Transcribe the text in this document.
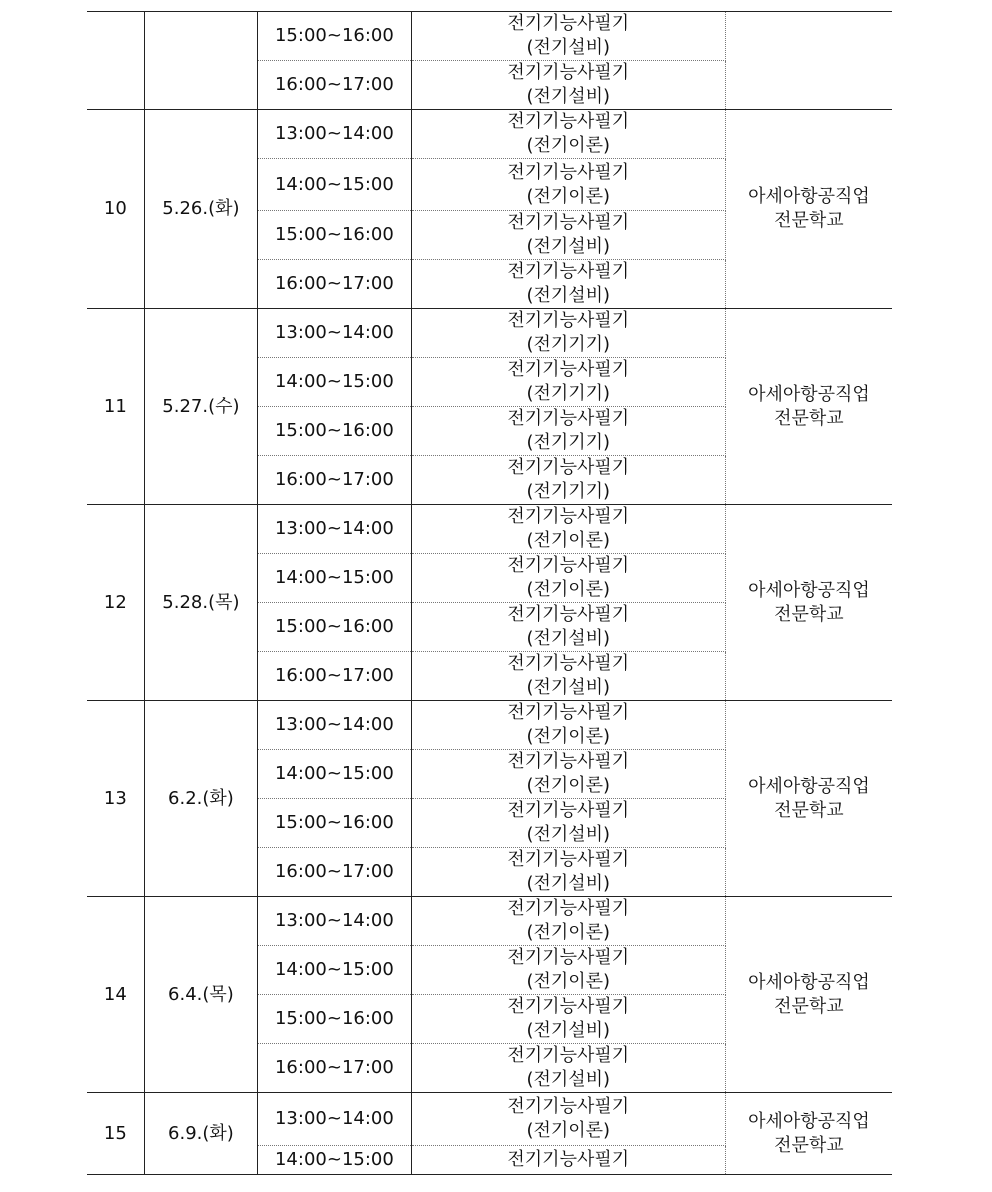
		15:00~16:00	전기기능사필기
(전기설비)	

		16:00~17:00	전기기능사필기
(전기설비)	

10	5.26.(화)	13:00~14:00	전기기능사필기
(전기이론)	아세아항공직업
전문학교

		14:00~15:00	전기기능사필기
(전기이론)	

		15:00~16:00	전기기능사필기
(전기설비)	

		16:00~17:00	전기기능사필기
(전기설비)	

11	5.27.(수)	13:00~14:00	전기기능사필기
(전기기기)	아세아항공직업
전문학교

		14:00~15:00	전기기능사필기
(전기기기)	

		15:00~16:00	전기기능사필기
(전기기기)	

		16:00~17:00	전기기능사필기
(전기기기)	

12	5.28.(목)	13:00~14:00	전기기능사필기
(전기이론)	아세아항공직업
전문학교

		14:00~15:00	전기기능사필기
(전기이론)	

		15:00~16:00	전기기능사필기
(전기설비)	

		16:00~17:00	전기기능사필기
(전기설비)	

13	6.2.(화)	13:00~14:00	전기기능사필기
(전기이론)	아세아항공직업
전문학교

		14:00~15:00	전기기능사필기
(전기이론)	

		15:00~16:00	전기기능사필기
(전기설비)	

		16:00~17:00	전기기능사필기
(전기설비)	

14	6.4.(목)	13:00~14:00	전기기능사필기
(전기이론)	아세아항공직업
전문학교

		14:00~15:00	전기기능사필기
(전기이론)	

		15:00~16:00	전기기능사필기
(전기설비)	

		16:00~17:00	전기기능사필기
(전기설비)	

15	6.9.(화)	13:00~14:00	전기기능사필기
(전기이론)	아세아항공직업
전문학교

		14:00~15:00	전기기능사필기	
